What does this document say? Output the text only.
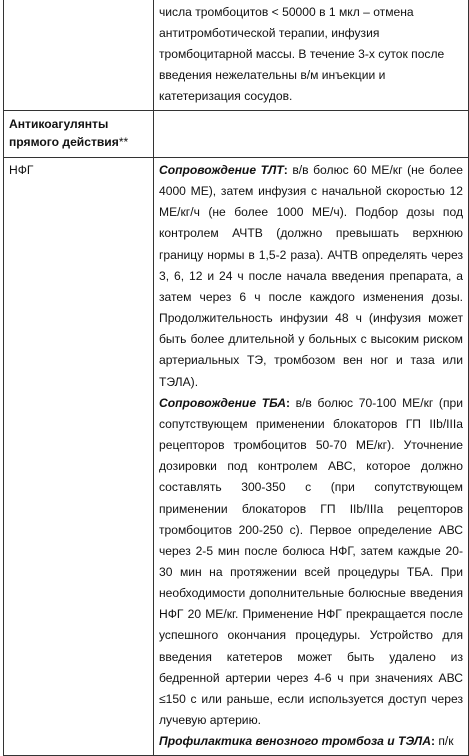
	числа тромбоцитов < 50000 в 1 мкл – отмена антитромботической терапии, инфузия тромбоцитарной массы. В течение 3-х суток после введения нежелательны в/м инъекции и катетеризация сосудов.

Антикоагулянты прямого действия**	
НФГ	Сопровождение ТЛТ: в/в болюс 60 МЕ/кг (не более 4000 МЕ), затем инфузия с начальной скоростью 12 МЕ/кг/ч (не более 1000 МЕ/ч). Подбор дозы под контролем АЧТВ (должно превышать верхнюю границу нормы в 1,5-2 раза). АЧТВ определять через 3, 6, 12 и 24 ч после начала введения препарата, а затем через 6 ч после каждого изменения дозы. Продолжительность инфузии 48 ч (инфузия может быть более длительной у больных с высоким риском артериальных ТЭ, тромбозом вен ног и таза или ТЭЛА).

Сопровождение ТБА: в/в болюс 70-100 МЕ/кг (при сопутствующем применении блокаторов ГП IIb/IIIa рецепторов тромбоцитов 50-70 МЕ/кг). Уточнение дозировки под контролем АВС, которое должно составлять 300-350 с (при сопутствующем применении блокаторов ГП IIb/IIIa рецепторов тромбоцитов 200-250 с). Первое определение АВС через 2-5 мин после болюса НФГ, затем каждые 20-30 мин на протяжении всей процедуры ТБА. При необходимости дополнительные болюсные введения НФГ 20 МЕ/кг. Применение НФГ прекращается после успешного окончания процедуры. Устройство для введения катетеров может быть удалено из бедренной артерии через 4-6 ч при значениях АВС ≤150 с или раньше, если используется доступ через лучевую артерию.

Профилактика венозного тромбоза и ТЭЛА: п/к
